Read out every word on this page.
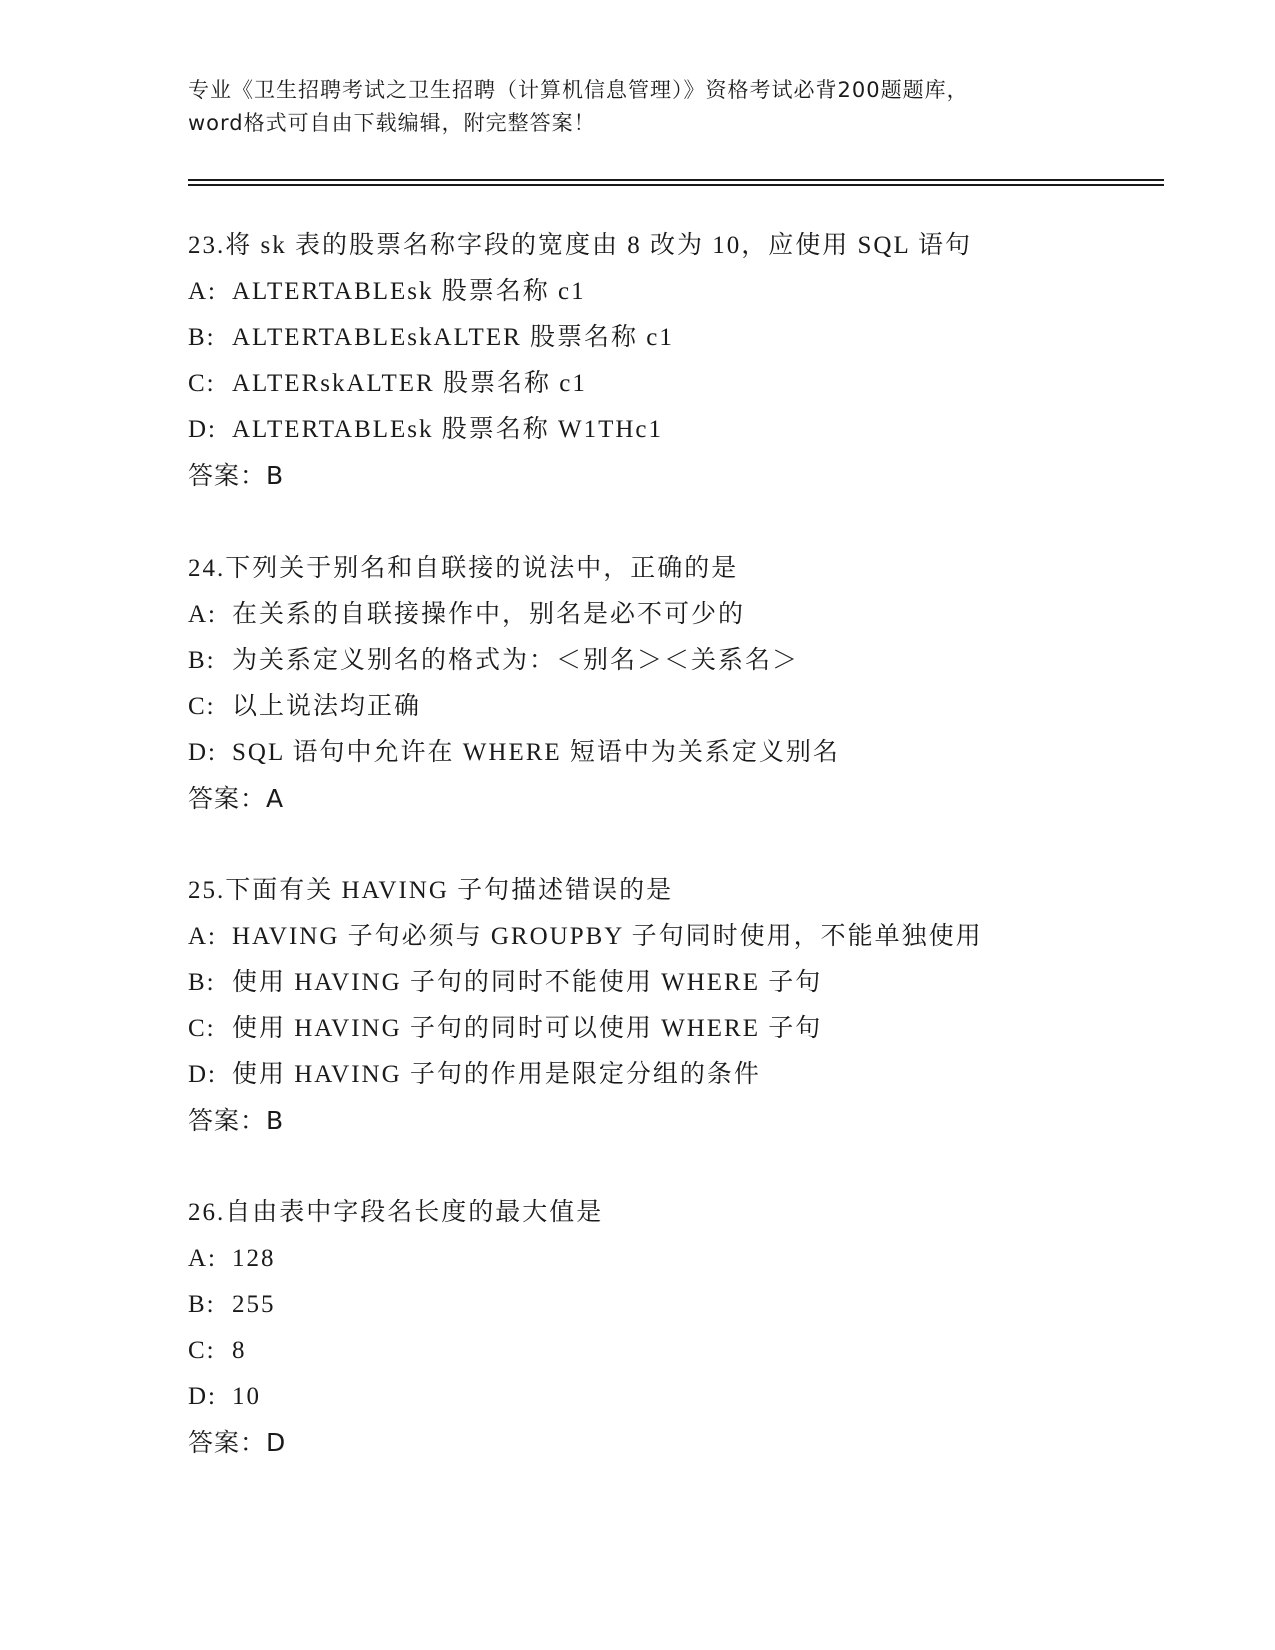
专业《卫生招聘考试之卫生招聘（计算机信息管理）》资格考试必背200题题库，
word格式可自由下载编辑，附完整答案！
23.将 sk 表的股票名称字段的宽度由 8 改为 10，应使用 SQL 语句
A: ALTERTABLEsk 股票名称 c1
B: ALTERTABLEskALTER 股票名称 c1
C: ALTERskALTER 股票名称 c1
D: ALTERTABLEsk 股票名称 W1THc1
答案：B
24.下列关于别名和自联接的说法中，正确的是
A: 在关系的自联接操作中，别名是必不可少的
B: 为关系定义别名的格式为：＜别名＞＜关系名＞
C: 以上说法均正确
D: SQL 语句中允许在 WHERE 短语中为关系定义别名
答案：A
25.下面有关 HAVING 子句描述错误的是
A: HAVING 子句必须与 GROUPBY 子句同时使用，不能单独使用
B: 使用 HAVING 子句的同时不能使用 WHERE 子句
C: 使用 HAVING 子句的同时可以使用 WHERE 子句
D: 使用 HAVING 子句的作用是限定分组的条件
答案：B
26.自由表中字段名长度的最大值是
A: 128
B: 255
C: 8
D: 10
答案：D
